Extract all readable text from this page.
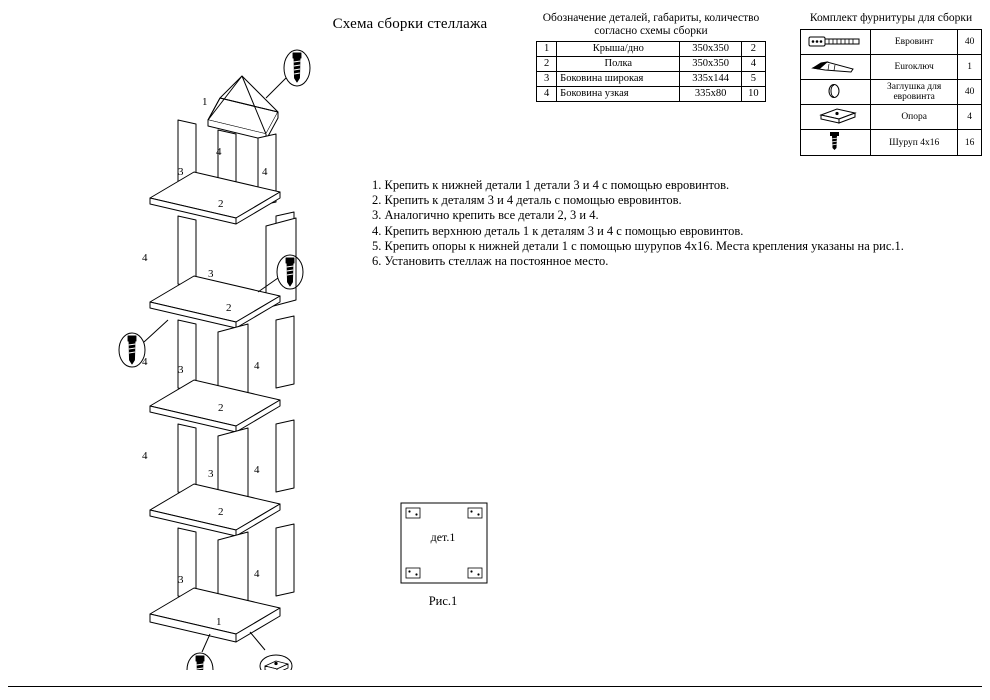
Схема сборки стеллажа	Обозначение деталей, габариты, количество
согласно схемы сборки
1	Крыша/дно	350x350	2
2	Полка	350x350	4
3	Боковина широкая	335x144	5
4	Боковина узкая	335x80	10
Комплект фурнитуры для сборки
	Евровинт	40
	Euroключ	1
	Заглушка для евровинта	40
	Опора	4
	Шуруп 4x16	16
1. Крепить к нижней детали 1 детали 3 и 4 с помощью евровинтов.
2. Крепить к деталям 3 и 4 деталь с помощью евровинтов.
3. Аналогично крепить все детали 2, 3 и 4.
4. Крепить верхнюю деталь 1 к деталям 3 и 4 с помощью евровинтов.
5. Крепить опоры к нижней детали 1 с помощью шурупов 4х16. Места крепления указаны на рис.1.
6. Установить стеллаж на постоянное место.
дет.1
Рис.1
1
4
4
3
2
4
3
2
4
3	4
2
4
3	4
2
3	4
1
